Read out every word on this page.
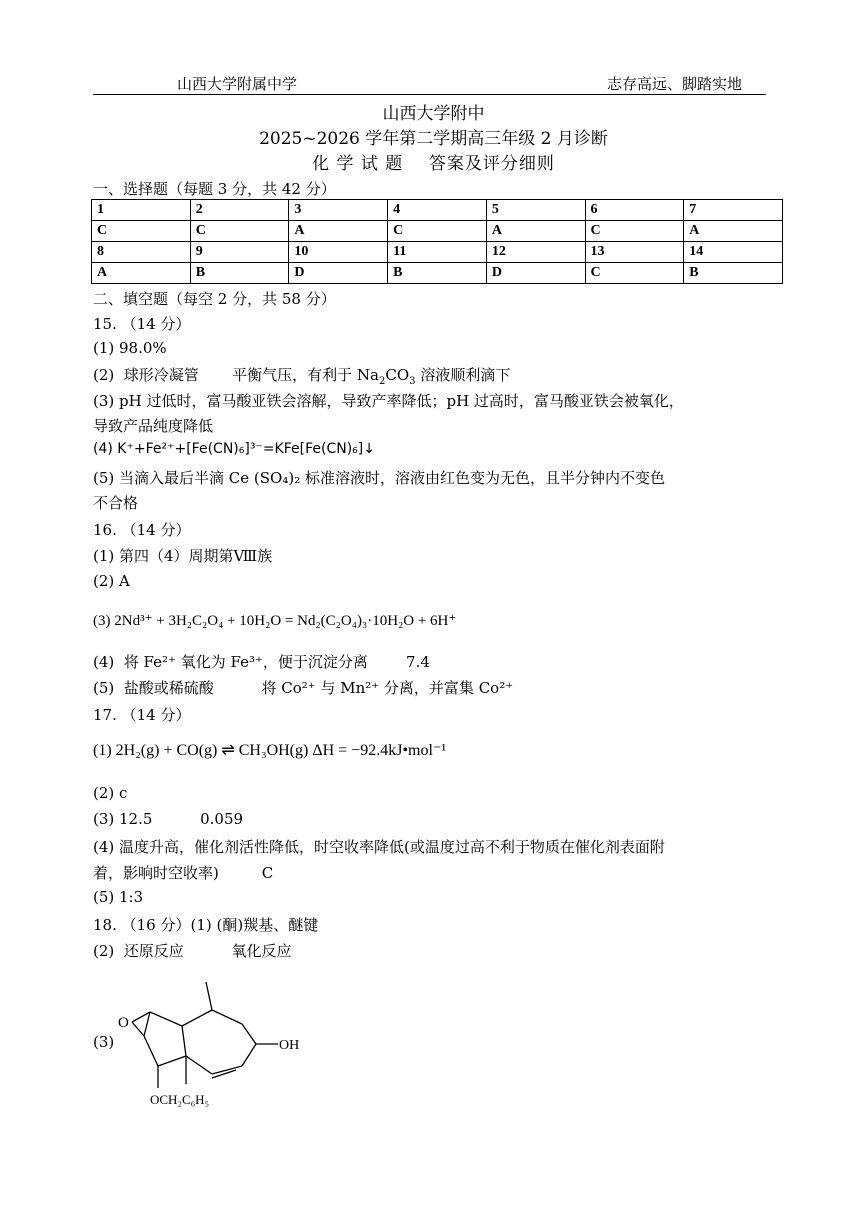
山西大学附属中学	志存高远、脚踏实地
山西大学附中
2025~2026 学年第二学期高三年级 2 月诊断
化 学 试 题    答案及评分细则
一、选择题（每题 3 分，共 42 分）
1	2	3	4	5	6	7
C	C	A	C	A	C	A
8	9	10	11	12	13	14
A	B	D	B	D	C	B
二、填空题（每空 2 分，共 58 分）
15. （14 分）
(1) 98.0%
(2)  球形冷凝管       平衡气压，有利于 $Na_2CO_3$ 溶液顺利滴下
(3) pH 过低时，富马酸亚铁会溶解，导致产率降低；pH 过高时，富马酸亚铁会被氧化，
导致产品纯度降低
(4) K⁺+Fe²⁺+[Fe(CN)₆]³⁻=KFe[Fe(CN)₆]↓
(5) 当滴入最后半滴 Ce (SO₄)₂ 标准溶液时，溶液由红色变为无色，且半分钟内不变色
不合格
16. （14 分）
(1) 第四（4）周期第Ⅷ族
(2) A
(3) 2Nd³⁺ + 3H₂C₂O₄ + 10H₂O = Nd₂(C₂O₄)₃·10H₂O + 6H⁺
(4)  将 Fe²⁺ 氧化为 Fe³⁺，便于沉淀分离        7.4
(5)  盐酸或稀硫酸          将 Co²⁺ 与 Mn²⁺ 分离，并富集 Co²⁺
17. （14 分）
(1) 2H₂(g) + CO(g) ⇌ CH₃OH(g) ΔH = −92.4kJ•mol⁻¹
(2) c
(3) 12.5          0.059
(4) 温度升高，催化剂活性降低，时空收率降低(或温度过高不利于物质在催化剂表面附
着，影响时空收率)         C
(5) 1:3
18. （16 分）(1) (酮)羰基、醚键
(2)  还原反应          氧化反应
(3)
O
OH
OCH₂C₆H₅
